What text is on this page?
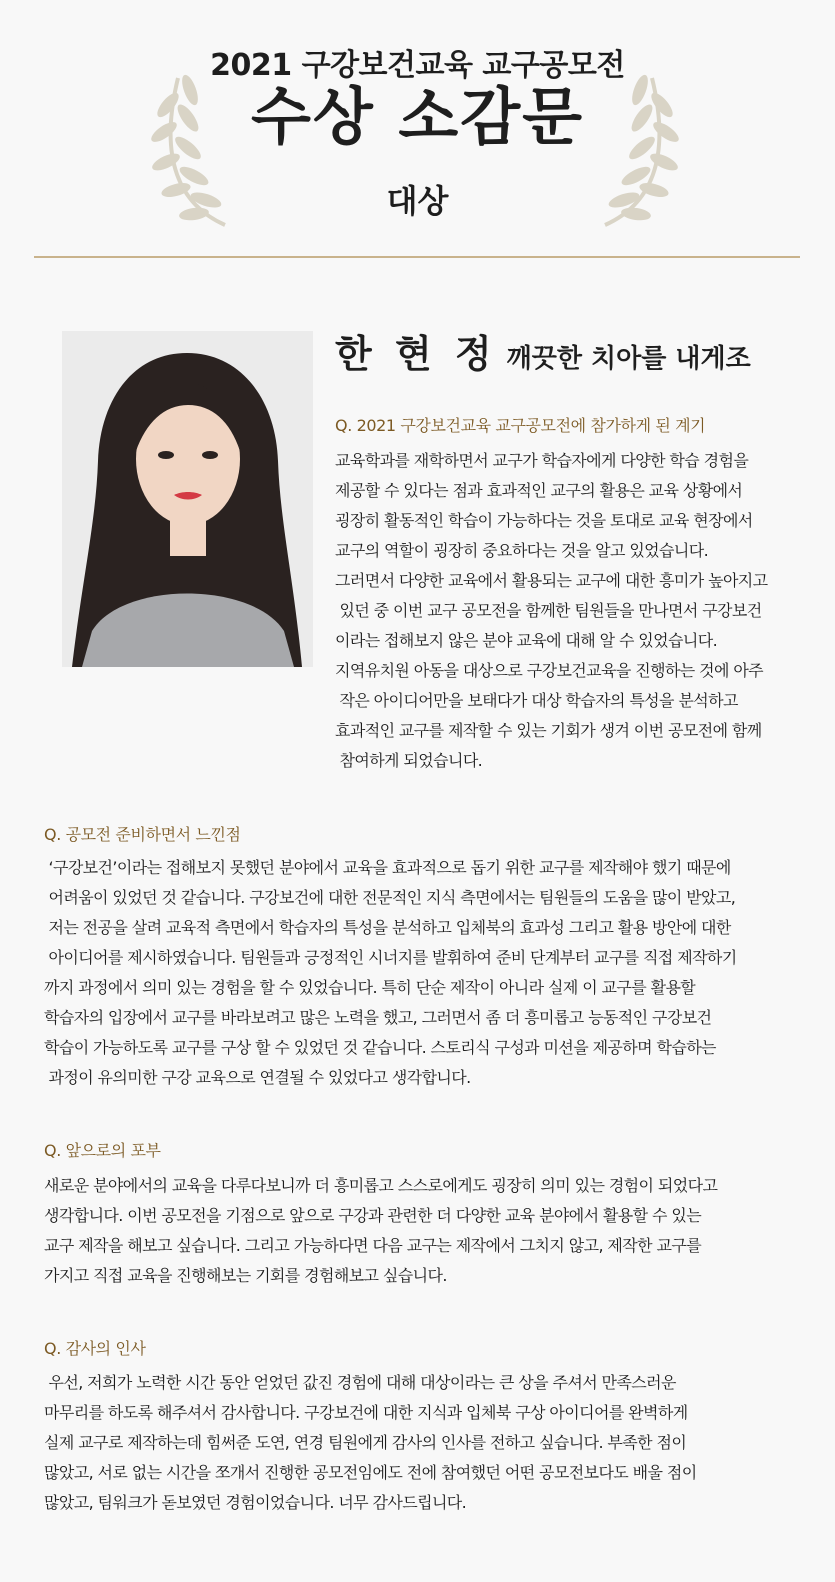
2021 구강보건교육 교구공모전
수상 소감문
대상
한 현 정 깨끗한 치아를 내게조
Q. 2021 구강보건교육 교구공모전에 참가하게 된 계기
교육학과를 재학하면서 교구가 학습자에게 다양한 학습 경험을
제공할 수 있다는 점과 효과적인 교구의 활용은 교육 상황에서
굉장히 활동적인 학습이 가능하다는 것을 토대로 교육 현장에서
교구의 역할이 굉장히 중요하다는 것을 알고 있었습니다.
그러면서 다양한 교육에서 활용되는 교구에 대한 흥미가 높아지고
있던 중 이번 교구 공모전을 함께한 팀원들을 만나면서 구강보건
이라는 접해보지 않은 분야 교육에 대해 알 수 있었습니다.
지역유치원 아동을 대상으로 구강보건교육을 진행하는 것에 아주
작은 아이디어만을 보태다가 대상 학습자의 특성을 분석하고
효과적인 교구를 제작할 수 있는 기회가 생겨 이번 공모전에 함께
참여하게 되었습니다.
Q. 공모전 준비하면서 느낀점
‘구강보건’이라는 접해보지 못했던 분야에서 교육을 효과적으로 돕기 위한 교구를 제작해야 했기 때문에
어려움이 있었던 것 같습니다. 구강보건에 대한 전문적인 지식 측면에서는 팀원들의 도움을 많이 받았고,
저는 전공을 살려 교육적 측면에서 학습자의 특성을 분석하고 입체북의 효과성 그리고 활용 방안에 대한
아이디어를 제시하였습니다. 팀원들과 긍정적인 시너지를 발휘하여 준비 단계부터 교구를 직접 제작하기
까지 과정에서 의미 있는 경험을 할 수 있었습니다. 특히 단순 제작이 아니라 실제 이 교구를 활용할
학습자의 입장에서 교구를 바라보려고 많은 노력을 했고, 그러면서 좀 더 흥미롭고 능동적인 구강보건
학습이 가능하도록 교구를 구상 할 수 있었던 것 같습니다. 스토리식 구성과 미션을 제공하며 학습하는
과정이 유의미한 구강 교육으로 연결될 수 있었다고 생각합니다.
Q. 앞으로의 포부
새로운 분야에서의 교육을 다루다보니까 더 흥미롭고 스스로에게도 굉장히 의미 있는 경험이 되었다고
생각합니다. 이번 공모전을 기점으로 앞으로 구강과 관련한 더 다양한 교육 분야에서 활용할 수 있는
교구 제작을 해보고 싶습니다. 그리고 가능하다면 다음 교구는 제작에서 그치지 않고, 제작한 교구를
가지고 직접 교육을 진행해보는 기회를 경험해보고 싶습니다.
Q. 감사의 인사
우선, 저희가 노력한 시간 동안 얻었던 값진 경험에 대해 대상이라는 큰 상을 주셔서 만족스러운
마무리를 하도록 해주셔서 감사합니다. 구강보건에 대한 지식과 입체북 구상 아이디어를 완벽하게
실제 교구로 제작하는데 힘써준 도연, 연경 팀원에게 감사의 인사를 전하고 싶습니다. 부족한 점이
많았고, 서로 없는 시간을 쪼개서 진행한 공모전임에도 전에 참여했던 어떤 공모전보다도 배울 점이
많았고, 팀워크가 돋보였던 경험이었습니다. 너무 감사드립니다.
